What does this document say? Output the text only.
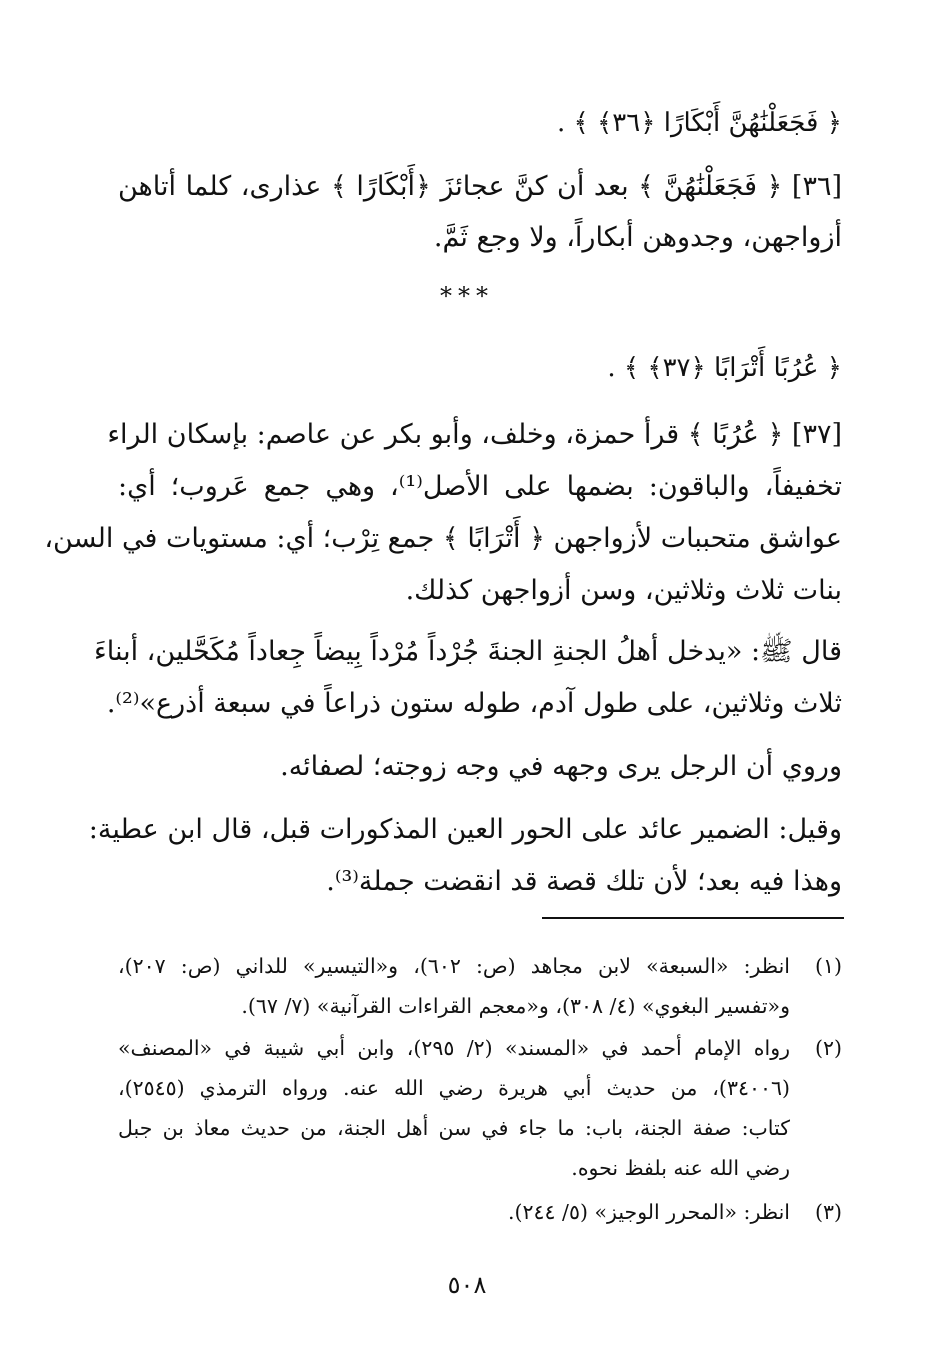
﴿ فَجَعَلْنَٰهُنَّ أَبْكَارًا ﴿٣٦﴾ ﴾ .
[٣٦] ﴿ فَجَعَلْنَٰهُنَّ ﴾ بعد أن كنَّ عجائزَ ﴿أَبْكَارًا ﴾ عذارى، كلما أتاهن
أزواجهن، وجدوهن أبكاراً، ولا وجع ثَمَّ.
***
﴿ عُرُبًا أَتْرَابًا ﴿٣٧﴾ ﴾ .
[٣٧] ﴿ عُرُبًا ﴾ قرأ حمزة، وخلف، وأبو بكر عن عاصم: بإسكان الراء
تخفيفاً، والباقون: بضمها على الأصل⁽¹⁾، وهي جمع عَروب؛ أي:
عواشق متحببات لأزواجهن ﴿ أَتْرَابًا ﴾ جمع تِرْب؛ أي: مستويات في السن،
بنات ثلاث وثلاثين، وسن أزواجهن كذلك.
قال ﷺ: «يدخل أهلُ الجنةِ الجنةَ جُرْداً مُرْداً بِيضاً جِعاداً مُكَحَّلين، أبناءَ
ثلاث وثلاثين، على طول آدم، طوله ستون ذراعاً في سبعة أذرع»⁽²⁾.
وروي أن الرجل يرى وجهه في وجه زوجته؛ لصفائه.
وقيل: الضمير عائد على الحور العين المذكورات قبل، قال ابن عطية:
وهذا فيه بعد؛ لأن تلك قصة قد انقضت جملة⁽³⁾.
(١)
انظر: «السبعة» لابن مجاهد (ص: ٦٠٢)، و«التيسير» للداني (ص: ٢٠٧)،
و«تفسير البغوي» (٤/ ٣٠٨)، و«معجم القراءات القرآنية» (٧/ ٦٧).
(٢)
رواه الإمام أحمد في «المسند» (٢/ ٢٩٥)، وابن أبي شيبة في «المصنف»
(٣٤٠٠٦)، من حديث أبي هريرة رضي الله عنه. ورواه الترمذي (٢٥٤٥)،
كتاب: صفة الجنة، باب: ما جاء في سن أهل الجنة، من حديث معاذ بن جبل
رضي الله عنه بلفظ نحوه.
(٣)
انظر: «المحرر الوجيز» (٥/ ٢٤٤).
٥٠٨
